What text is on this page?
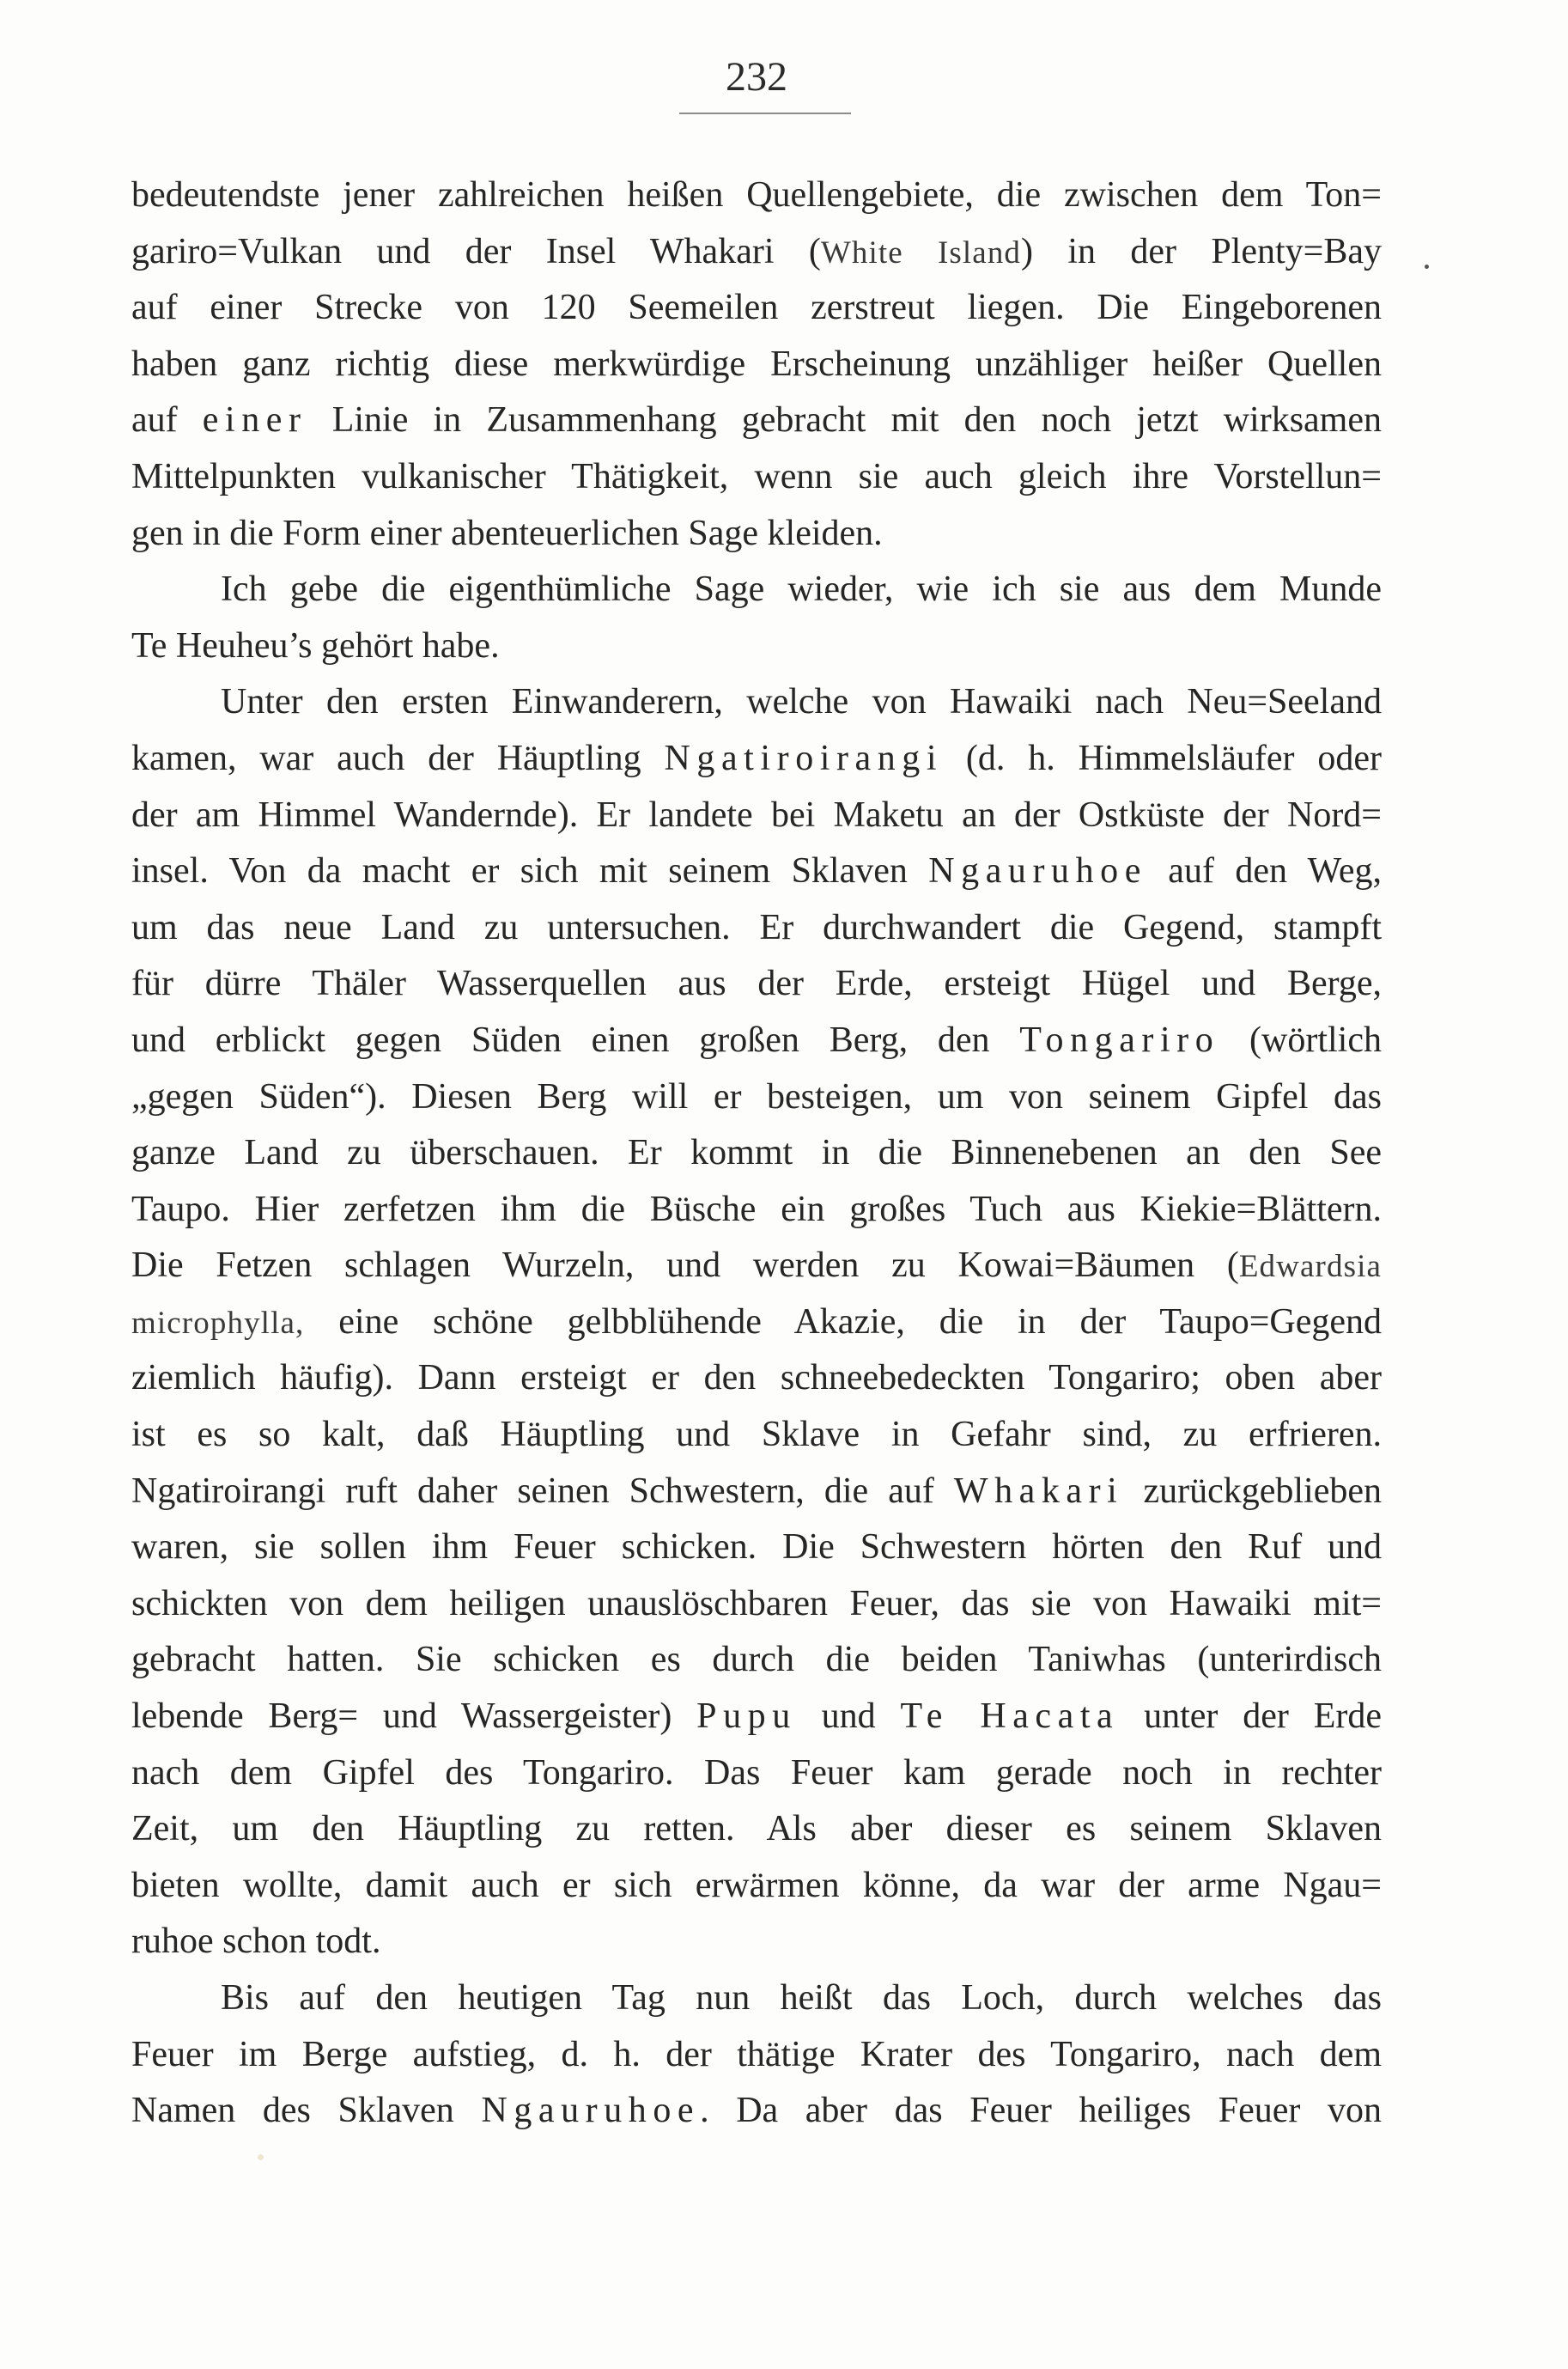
232
bedeutendste jener zahlreichen heißen Quellengebiete, die zwischen dem Ton=
gariro=Vulkan und der Insel Whakari (White Island) in der Plenty=Bay
auf einer Strecke von 120 Seemeilen zerstreut liegen. Die Eingeborenen
haben ganz richtig diese merkwürdige Erscheinung unzähliger heißer Quellen
auf einer Linie in Zusammenhang gebracht mit den noch jetzt wirksamen
Mittelpunkten vulkanischer Thätigkeit, wenn sie auch gleich ihre Vorstellun=
gen in die Form einer abenteuerlichen Sage kleiden.
Ich gebe die eigenthümliche Sage wieder, wie ich sie aus dem Munde
Te Heuheu’s gehört habe.
Unter den ersten Einwanderern, welche von Hawaiki nach Neu=Seeland
kamen, war auch der Häuptling Ngatiroirangi (d. h. Himmelsläufer oder
der am Himmel Wandernde). Er landete bei Maketu an der Ostküste der Nord=
insel. Von da macht er sich mit seinem Sklaven Ngauruhoe auf den Weg,
um das neue Land zu untersuchen. Er durchwandert die Gegend, stampft
für dürre Thäler Wasserquellen aus der Erde, ersteigt Hügel und Berge,
und erblickt gegen Süden einen großen Berg, den Tongariro (wörtlich
„gegen Süden“). Diesen Berg will er besteigen, um von seinem Gipfel das
ganze Land zu überschauen. Er kommt in die Binnenebenen an den See
Taupo. Hier zerfetzen ihm die Büsche ein großes Tuch aus Kiekie=Blättern.
Die Fetzen schlagen Wurzeln, und werden zu Kowai=Bäumen (Edwardsia
microphylla, eine schöne gelbblühende Akazie, die in der Taupo=Gegend
ziemlich häufig). Dann ersteigt er den schneebedeckten Tongariro; oben aber
ist es so kalt, daß Häuptling und Sklave in Gefahr sind, zu erfrieren.
Ngatiroirangi ruft daher seinen Schwestern, die auf Whakari zurückgeblieben
waren, sie sollen ihm Feuer schicken. Die Schwestern hörten den Ruf und
schickten von dem heiligen unauslöschbaren Feuer, das sie von Hawaiki mit=
gebracht hatten. Sie schicken es durch die beiden Taniwhas (unterirdisch
lebende Berg= und Wassergeister) Pupu und Te Hacata unter der Erde
nach dem Gipfel des Tongariro. Das Feuer kam gerade noch in rechter
Zeit, um den Häuptling zu retten. Als aber dieser es seinem Sklaven
bieten wollte, damit auch er sich erwärmen könne, da war der arme Ngau=
ruhoe schon todt.
Bis auf den heutigen Tag nun heißt das Loch, durch welches das
Feuer im Berge aufstieg, d. h. der thätige Krater des Tongariro, nach dem
Namen des Sklaven Ngauruhoe. Da aber das Feuer heiliges Feuer von
